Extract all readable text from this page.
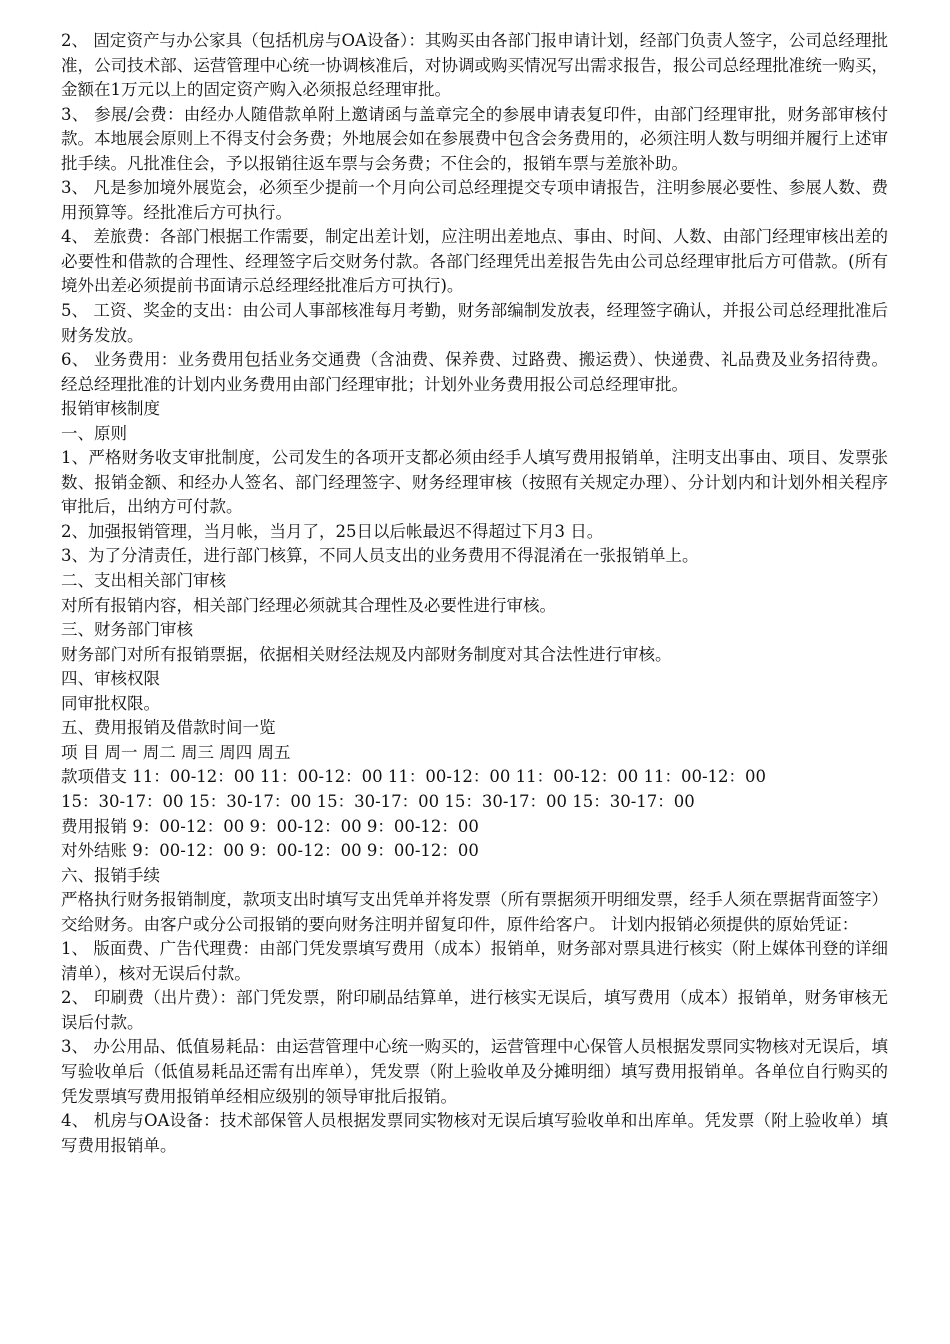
2、 固定资产与办公家具（包括机房与OA设备）：其购买由各部门报申请计划，经部门负责人签字，公司总经理批准，公司技术部、运营管理中心统一协调核准后，对协调或购买情况写出需求报告，报公司总经理批准统一购买，金额在1万元以上的固定资产购入必须报总经理审批。

3、 参展/会费：由经办人随借款单附上邀请函与盖章完全的参展申请表复印件，由部门经理审批，财务部审核付款。本地展会原则上不得支付会务费；外地展会如在参展费中包含会务费用的，必须注明人数与明细并履行上述审批手续。凡批准住会，予以报销往返车票与会务费；不住会的，报销车票与差旅补助。

3、 凡是参加境外展览会，必须至少提前一个月向公司总经理提交专项申请报告，注明参展必要性、参展人数、费用预算等。经批准后方可执行。

4、 差旅费：各部门根据工作需要，制定出差计划，应注明出差地点、事由、时间、人数、由部门经理审核出差的必要性和借款的合理性、经理签字后交财务付款。各部门经理凭出差报告先由公司总经理审批后方可借款。(所有境外出差必须提前书面请示总经理经批准后方可执行)。

5、 工资、奖金的支出：由公司人事部核准每月考勤，财务部编制发放表，经理签字确认，并报公司总经理批准后财务发放。

6、 业务费用：业务费用包括业务交通费（含油费、保养费、过路费、搬运费）、快递费、礼品费及业务招待费。经总经理批准的计划内业务费用由部门经理审批；计划外业务费用报公司总经理审批。

报销审核制度

一、原则

1、严格财务收支审批制度，公司发生的各项开支都必须由经手人填写费用报销单，注明支出事由、项目、发票张数、报销金额、和经办人签名、部门经理签字、财务经理审核（按照有关规定办理）、分计划内和计划外相关程序审批后，出纳方可付款。

2、加强报销管理，当月帐，当月了，25日以后帐最迟不得超过下月3 日。

3、为了分清责任，进行部门核算，不同人员支出的业务费用不得混淆在一张报销单上。

二、支出相关部门审核

对所有报销内容，相关部门经理必须就其合理性及必要性进行审核。

三、财务部门审核

财务部门对所有报销票据，依据相关财经法规及内部财务制度对其合法性进行审核。

四、审核权限

同审批权限。

五、费用报销及借款时间一览

项 目 周一 周二 周三 周四 周五

款项借支 11：00-12：00 11：00-12：00 11：00-12：00 11：00-12：00 11：00-12：00

15：30-17：00 15：30-17：00 15：30-17：00 15：30-17：00 15：30-17：00

费用报销 9：00-12：00 9：00-12：00 9：00-12：00

对外结账 9：00-12：00 9：00-12：00 9：00-12：00

六、报销手续

严格执行财务报销制度，款项支出时填写支出凭单并将发票（所有票据须开明细发票，经手人须在票据背面签字）交给财务。由客户或分公司报销的要向财务注明并留复印件，原件给客户。 计划内报销必须提供的原始凭证：

1、 版面费、广告代理费：由部门凭发票填写费用（成本）报销单，财务部对票具进行核实（附上媒体刊登的详细清单），核对无误后付款。

2、 印刷费（出片费）：部门凭发票，附印刷品结算单，进行核实无误后，填写费用（成本）报销单，财务审核无误后付款。

3、 办公用品、低值易耗品：由运营管理中心统一购买的，运营管理中心保管人员根据发票同实物核对无误后，填写验收单后（低值易耗品还需有出库单），凭发票（附上验收单及分摊明细）填写费用报销单。各单位自行购买的凭发票填写费用报销单经相应级别的领导审批后报销。

4、 机房与OA设备：技术部保管人员根据发票同实物核对无误后填写验收单和出库单。凭发票（附上验收单）填写费用报销单。
